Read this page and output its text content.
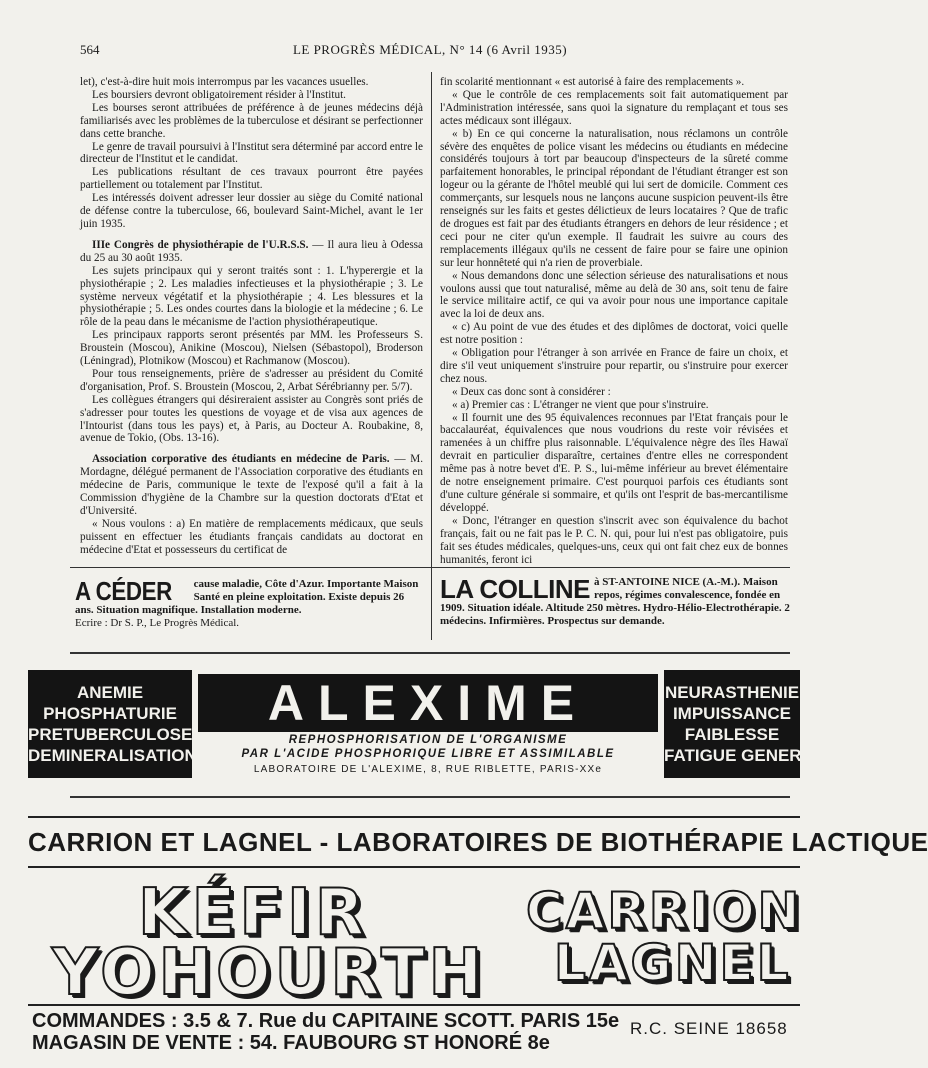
564	LE PROGRÈS MÉDICAL, N° 14 (6 Avril 1935)

let), c'est-à-dire huit mois interrompus par les vacances usuelles.

Les boursiers devront obligatoirement résider à l'Institut.

Les bourses seront attribuées de préférence à de jeunes médecins déjà familiarisés avec les problèmes de la tuberculose et désirant se perfectionner dans cette branche.

Le genre de travail poursuivi à l'Institut sera déterminé par accord entre le directeur de l'Institut et le candidat.

Les publications résultant de ces travaux pourront être payées partiellement ou totalement par l'Institut.

Les intéressés doivent adresser leur dossier au siège du Comité national de défense contre la tuberculose, 66, boulevard Saint-Michel, avant le 1er juin 1935.

IIIe Congrès de physiothérapie de l'U.R.S.S. — Il aura lieu à Odessa du 25 au 30 août 1935.

Les sujets principaux qui y seront traités sont : 1. L'hyperergie et la physiothérapie ; 2. Les maladies infectieuses et la physiothérapie ; 3. Le système nerveux végétatif et la physiothérapie ; 4. Les blessures et la physiothérapie ; 5. Les ondes courtes dans la biologie et la médecine ; 6. Le rôle de la peau dans le mécanisme de l'action physiothérapeutique.

Les principaux rapports seront présentés par MM. les Professeurs S. Broustein (Moscou), Anikine (Moscou), Nielsen (Sébastopol), Broderson (Léningrad), Plotnikow (Moscou) et Rachmanow (Moscou).

Pour tous renseignements, prière de s'adresser au président du Comité d'organisation, Prof. S. Broustein (Moscou, 2, Arbat Sérébrianny per. 5/7).

Les collègues étrangers qui désireraient assister au Congrès sont priés de s'adresser pour toutes les questions de voyage et de visa aux agences de l'Intourist (dans tous les pays) et, à Paris, au Docteur A. Roubakine, 8, avenue de Tokio, (Obs. 13-16).

Association corporative des étudiants en médecine de Paris. — M. Mordagne, délégué permanent de l'Association corporative des étudiants en médecine de Paris, communique le texte de l'exposé qu'il a fait à la Commission d'hygiène de la Chambre sur la question doctorats d'Etat et d'Université.

« Nous voulons : a) En matière de remplacements médicaux, que seuls puissent en effectuer les étudiants français candidats au doctorat en médecine d'Etat et possesseurs du certificat de

fin scolarité mentionnant « est autorisé à faire des remplacements ».

« Que le contrôle de ces remplacements soit fait automatiquement par l'Administration intéressée, sans quoi la signature du remplaçant et tous ses actes médicaux sont illégaux.

« b) En ce qui concerne la naturalisation, nous réclamons un contrôle sévère des enquêtes de police visant les médecins ou étudiants en médecine considérés toujours à tort par beaucoup d'inspecteurs de la sûreté comme parfaitement honorables, le principal répondant de l'étudiant étranger est son logeur ou la gérante de l'hôtel meublé qui lui sert de domicile. Comment ces commerçants, sur lesquels nous ne lançons aucune suspicion peuvent-ils être renseignés sur les faits et gestes délictieux de leurs locataires ? Que de trafic de drogues est fait par des étudiants étrangers en dehors de leur résidence ; et ceci pour ne citer qu'un exemple. Il faudrait les suivre au cours des remplacements illégaux qu'ils ne cessent de faire pour se faire une opinion sur leur honnêteté qui n'a rien de proverbiale.

« Nous demandons donc une sélection sérieuse des naturalisations et nous voulons aussi que tout naturalisé, même au delà de 30 ans, soit tenu de faire le service militaire actif, ce qui va avoir pour nous une importance capitale avec la loi de deux ans.

« c) Au point de vue des études et des diplômes de doctorat, voici quelle est notre position :

« Obligation pour l'étranger à son arrivée en France de faire un choix, et dire s'il veut uniquement s'instruire pour repartir, ou s'instruire pour exercer chez nous.

« Deux cas donc sont à considérer :

« a) Premier cas : L'étranger ne vient que pour s'instruire.

« Il fournit une des 95 équivalences reconnues par l'Etat français pour le baccalauréat, équivalences que nous voudrions du reste voir révisées et ramenées à un chiffre plus raisonnable. L'équivalence nègre des îles Hawaï devrait en particulier disparaître, certaines d'entre elles ne correspondent même pas à notre bevet d'E. P. S., lui-même inférieur au brevet élémentaire de notre enseignement primaire. C'est pourquoi parfois ces étudiants sont d'une culture générale si sommaire, et qu'ils ont l'esprit de bas-mercantilisme développé.

« Donc, l'étranger en question s'inscrit avec son équivalence du bachot français, fait ou ne fait pas le P. C. N. qui, pour lui n'est pas obligatoire, puis fait ses études médicales, quelques-uns, ceux qui ont fait chez eux de bonnes humanités, feront ici

A CÉDER	cause maladie, Côte d'Azur. Importante Maison Santé en pleine exploitation. Existe depuis 26 ans. Situation magnifique. Installation moderne.
Ecrire : Dr S. P., Le Progrès Médical.
LA COLLINE à ST-ANTOINE NICE (A.-M.). Maison repos, régimes convalescence, fondée en 1909. Situation idéale. Altitude 250 mètres. Hydro-Hélio-Electrothérapie. 2 médecins. Infirmières. Prospectus sur demande.
ANEMIE
PHOSPHATURIE
PRETUBERCULOSE
DEMINERALISATION
ALEXIME
REPHOSPHORISATION DE L'ORGANISME
PAR L'ACIDE PHOSPHORIQUE LIBRE ET ASSIMILABLE
LABORATOIRE DE L'ALEXIME, 8, RUE RIBLETTE, PARIS-XXe
NEURASTHENIE
IMPUISSANCE
FAIBLESSE
FATIGUE GENERALE
CARRION ET LAGNEL - LABORATOIRES DE BIOTHÉRAPIE LACTIQUE
KÉFIR
YOHOURTH
CARRION
LAGNEL
COMMANDES : 3.5 & 7. Rue du CAPITAINE SCOTT. PARIS 15e
MAGASIN DE VENTE : 54. FAUBOURG ST HONORÉ 8e
R.C. SEINE 18658
